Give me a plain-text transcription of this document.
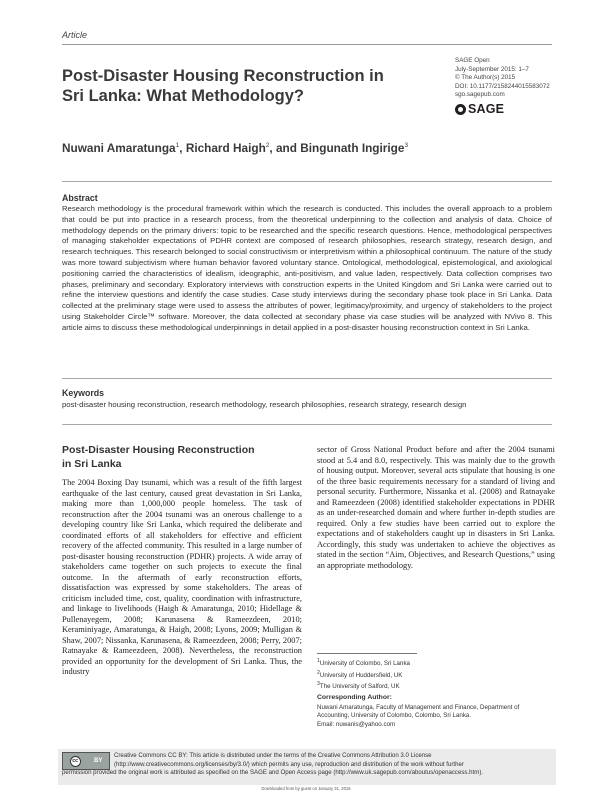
Article
Post-Disaster Housing Reconstruction in
Sri Lanka: What Methodology?
SAGE Open
July-September 2015: 1–7
© The Author(s) 2015
DOI: 10.1177/2158244015583072
sgo.sagepub.com
SAGE
Nuwani Amaratunga$^1$, Richard Haigh$^2$, and Bingunath Ingirige$^3$
Abstract
Research methodology is the procedural framework within which the research is conducted. This includes the overall approach to a problem that could be put into practice in a research process, from the theoretical underpinning to the collection and analysis of data. Choice of methodology depends on the primary drivers: topic to be researched and the specific research questions. Hence, methodological perspectives of managing stakeholder expectations of PDHR context are composed of research philosophies, research strategy, research design, and research techniques. This research belonged to social constructivism or interpretivism within a philosophical continuum. The nature of the study was more toward subjectivism where human behavior favored voluntary stance. Ontological, methodological, epistemological, and axiological positioning carried the characteristics of idealism, ideographic, anti-positivism, and value laden, respectively. Data collection comprises two phases, preliminary and secondary. Exploratory interviews with construction experts in the United Kingdom and Sri Lanka were carried out to refine the interview questions and identify the case studies. Case study interviews during the secondary phase took place in Sri Lanka. Data collected at the preliminary stage were used to assess the attributes of power, legitimacy/proximity, and urgency of stakeholders to the project using Stakeholder Circle™ software. Moreover, the data collected at secondary phase via case studies will be analyzed with NVivo 8. This article aims to discuss these methodological underpinnings in detail applied in a post-disaster housing reconstruction context in Sri Lanka.
Keywords
post-disaster housing reconstruction, research methodology, research philosophies, research strategy, research design
Post-Disaster Housing Reconstruction
in Sri Lanka

The 2004 Boxing Day tsunami, which was a result of the fifth largest earthquake of the last century, caused great devastation in Sri Lanka, making more than 1,000,000 people homeless. The task of reconstruction after the 2004 tsunami was an onerous challenge to a developing country like Sri Lanka, which required the deliberate and coordinated efforts of all stakeholders for effective and efficient recovery of the affected community. This resulted in a large number of post-disaster housing reconstruction (PDHR) projects. A wide array of stakeholders came together on such projects to execute the final outcome. In the aftermath of early reconstruction efforts, dissatisfaction was expressed by some stakeholders. The areas of criticism included time, cost, quality, coordination with infrastructure, and linkage to livelihoods (Haigh & Amaratunga, 2010; Hidellage & Pullenayegem, 2008; Karunasena & Rameezdeen, 2010; Keraminiyage, Amaratunga, & Haigh, 2008; Lyons, 2009; Mulligan & Shaw, 2007; Nissanka, Karunasena, & Rameezdeen, 2008; Perry, 2007; Ratnayake & Rameezdeen, 2008). Nevertheless, the reconstruction provided an opportunity for the development of Sri Lanka. Thus, the industry

sector of Gross National Product before and after the 2004 tsunami stood at 5.4 and 8.0, respectively. This was mainly due to the growth of housing output. Moreover, several acts stipulate that housing is one of the three basic requirements necessary for a standard of living and personal security. Furthermore, Nissanka et al. (2008) and Ratnayake and Rameezdeen (2008) identified stakeholder expectations in PDHR as an under-researched domain and where further in-depth studies are required. Only a few studies have been carried out to explore the expectations and of stakeholders caught up in disasters in Sri Lanka. Accordingly, this study was undertaken to achieve the objectives as stated in the section “Aim, Objectives, and Research Questions,” using an appropriate methodology.

$^1$University of Colombo, Sri Lanka
$^2$University of Huddersfield, UK
$^3$The University of Salford, UK
Corresponding Author:
Nuwani Amaratunga, Faculty of Management and Finance, Department of
Accounting, University of Colombo, Colombo, Sri Lanka.
Email: nuwanis@yahoo.com
cc	BY
Creative Commons CC BY: This article is distributed under the terms of the Creative Commons Attribution 3.0 License
(http://www.creativecommons.org/licenses/by/3.0/) which permits any use, reproduction and distribution of the work without further
permission provided the original work is attributed as specified on the SAGE and Open Access page (http://www.uk.sagepub.com/aboutus/openaccess.htm).
Downloaded from by guest on January 31, 2016
